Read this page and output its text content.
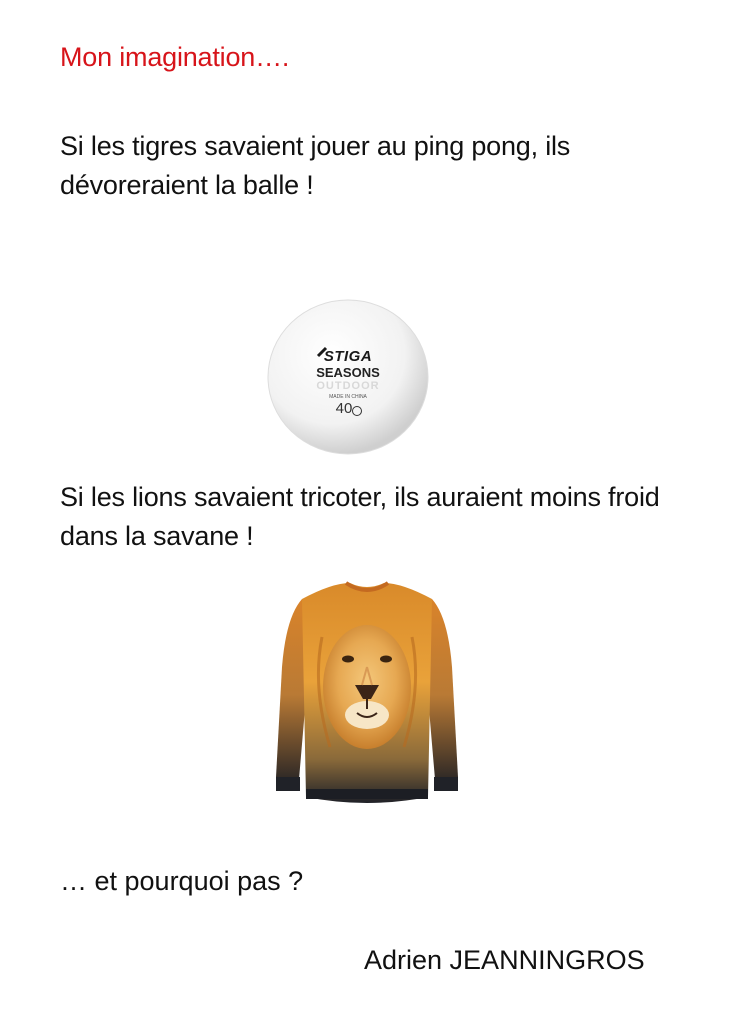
Mon imagination….
Si les tigres savaient jouer au ping pong, ils dévoreraient la balle !
STIGA
SEASONS
OUTDOOR
MADE IN CHINA
40
Si les lions savaient tricoter, ils auraient moins froid dans la savane !
… et pourquoi pas ?
Adrien JEANNINGROS
